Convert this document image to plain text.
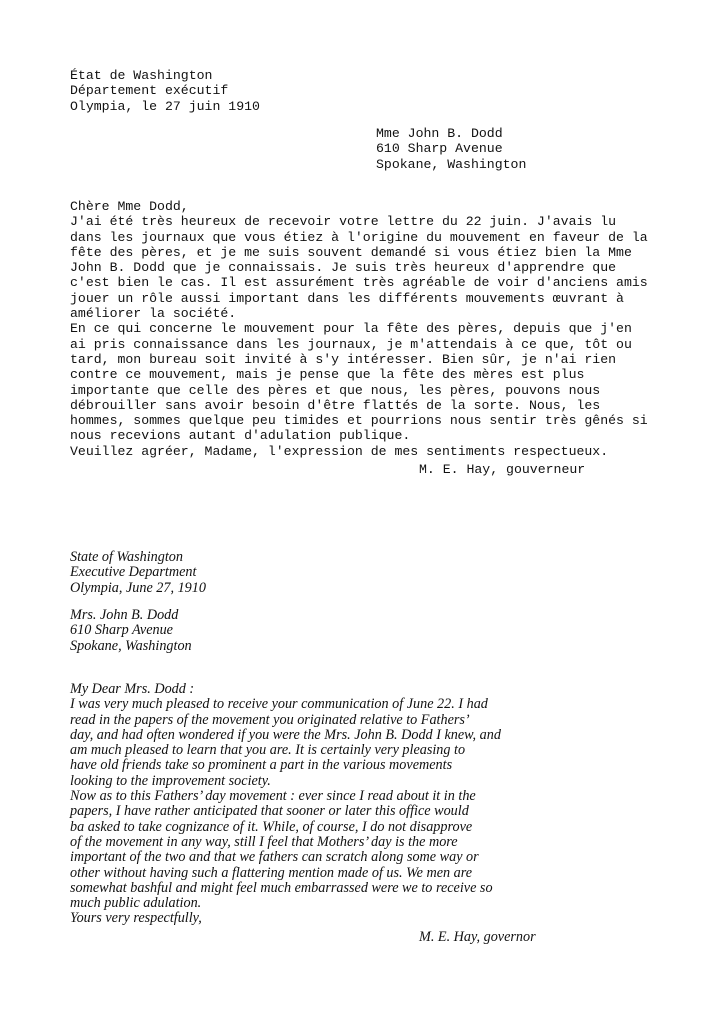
État de Washington
Département exécutif
Olympia, le 27 juin 1910
Mme John B. Dodd
610 Sharp Avenue
Spokane, Washington
Chère Mme Dodd,
J'ai été très heureux de recevoir votre lettre du 22 juin. J'avais lu
dans les journaux que vous étiez à l'origine du mouvement en faveur de la
fête des pères, et je me suis souvent demandé si vous étiez bien la Mme
John B. Dodd que je connaissais. Je suis très heureux d'apprendre que
c'est bien le cas. Il est assurément très agréable de voir d'anciens amis
jouer un rôle aussi important dans les différents mouvements œuvrant à
améliorer la société.
En ce qui concerne le mouvement pour la fête des pères, depuis que j'en
ai pris connaissance dans les journaux, je m'attendais à ce que, tôt ou
tard, mon bureau soit invité à s'y intéresser. Bien sûr, je n'ai rien
contre ce mouvement, mais je pense que la fête des mères est plus
importante que celle des pères et que nous, les pères, pouvons nous
débrouiller sans avoir besoin d'être flattés de la sorte. Nous, les
hommes, sommes quelque peu timides et pourrions nous sentir très gênés si
nous recevions autant d'adulation publique.
Veuillez agréer, Madame, l'expression de mes sentiments respectueux.
M. E. Hay, gouverneur
State of Washington
Executive Department
Olympia, June 27, 1910
Mrs. John B. Dodd
610 Sharp Avenue
Spokane, Washington
My Dear Mrs. Dodd :
I was very much pleased to receive your communication of June 22. I had
read in the papers of the movement you originated relative to Fathers’
day, and had often wondered if you were the Mrs. John B. Dodd I knew, and
am much pleased to learn that you are. It is certainly very pleasing to
have old friends take so prominent a part in the various movements
looking to the improvement society.
Now as to this Fathers’ day movement : ever since I read about it in the
papers, I have rather anticipated that sooner or later this office would
ba asked to take cognizance of it. While, of course, I do not disapprove
of the movement in any way, still I feel that Mothers’ day is the more
important of the two and that we fathers can scratch along some way or
other without having such a flattering mention made of us. We men are
somewhat bashful and might feel much embarrassed were we to receive so
much public adulation.
Yours very respectfully,
M. E. Hay, governor
